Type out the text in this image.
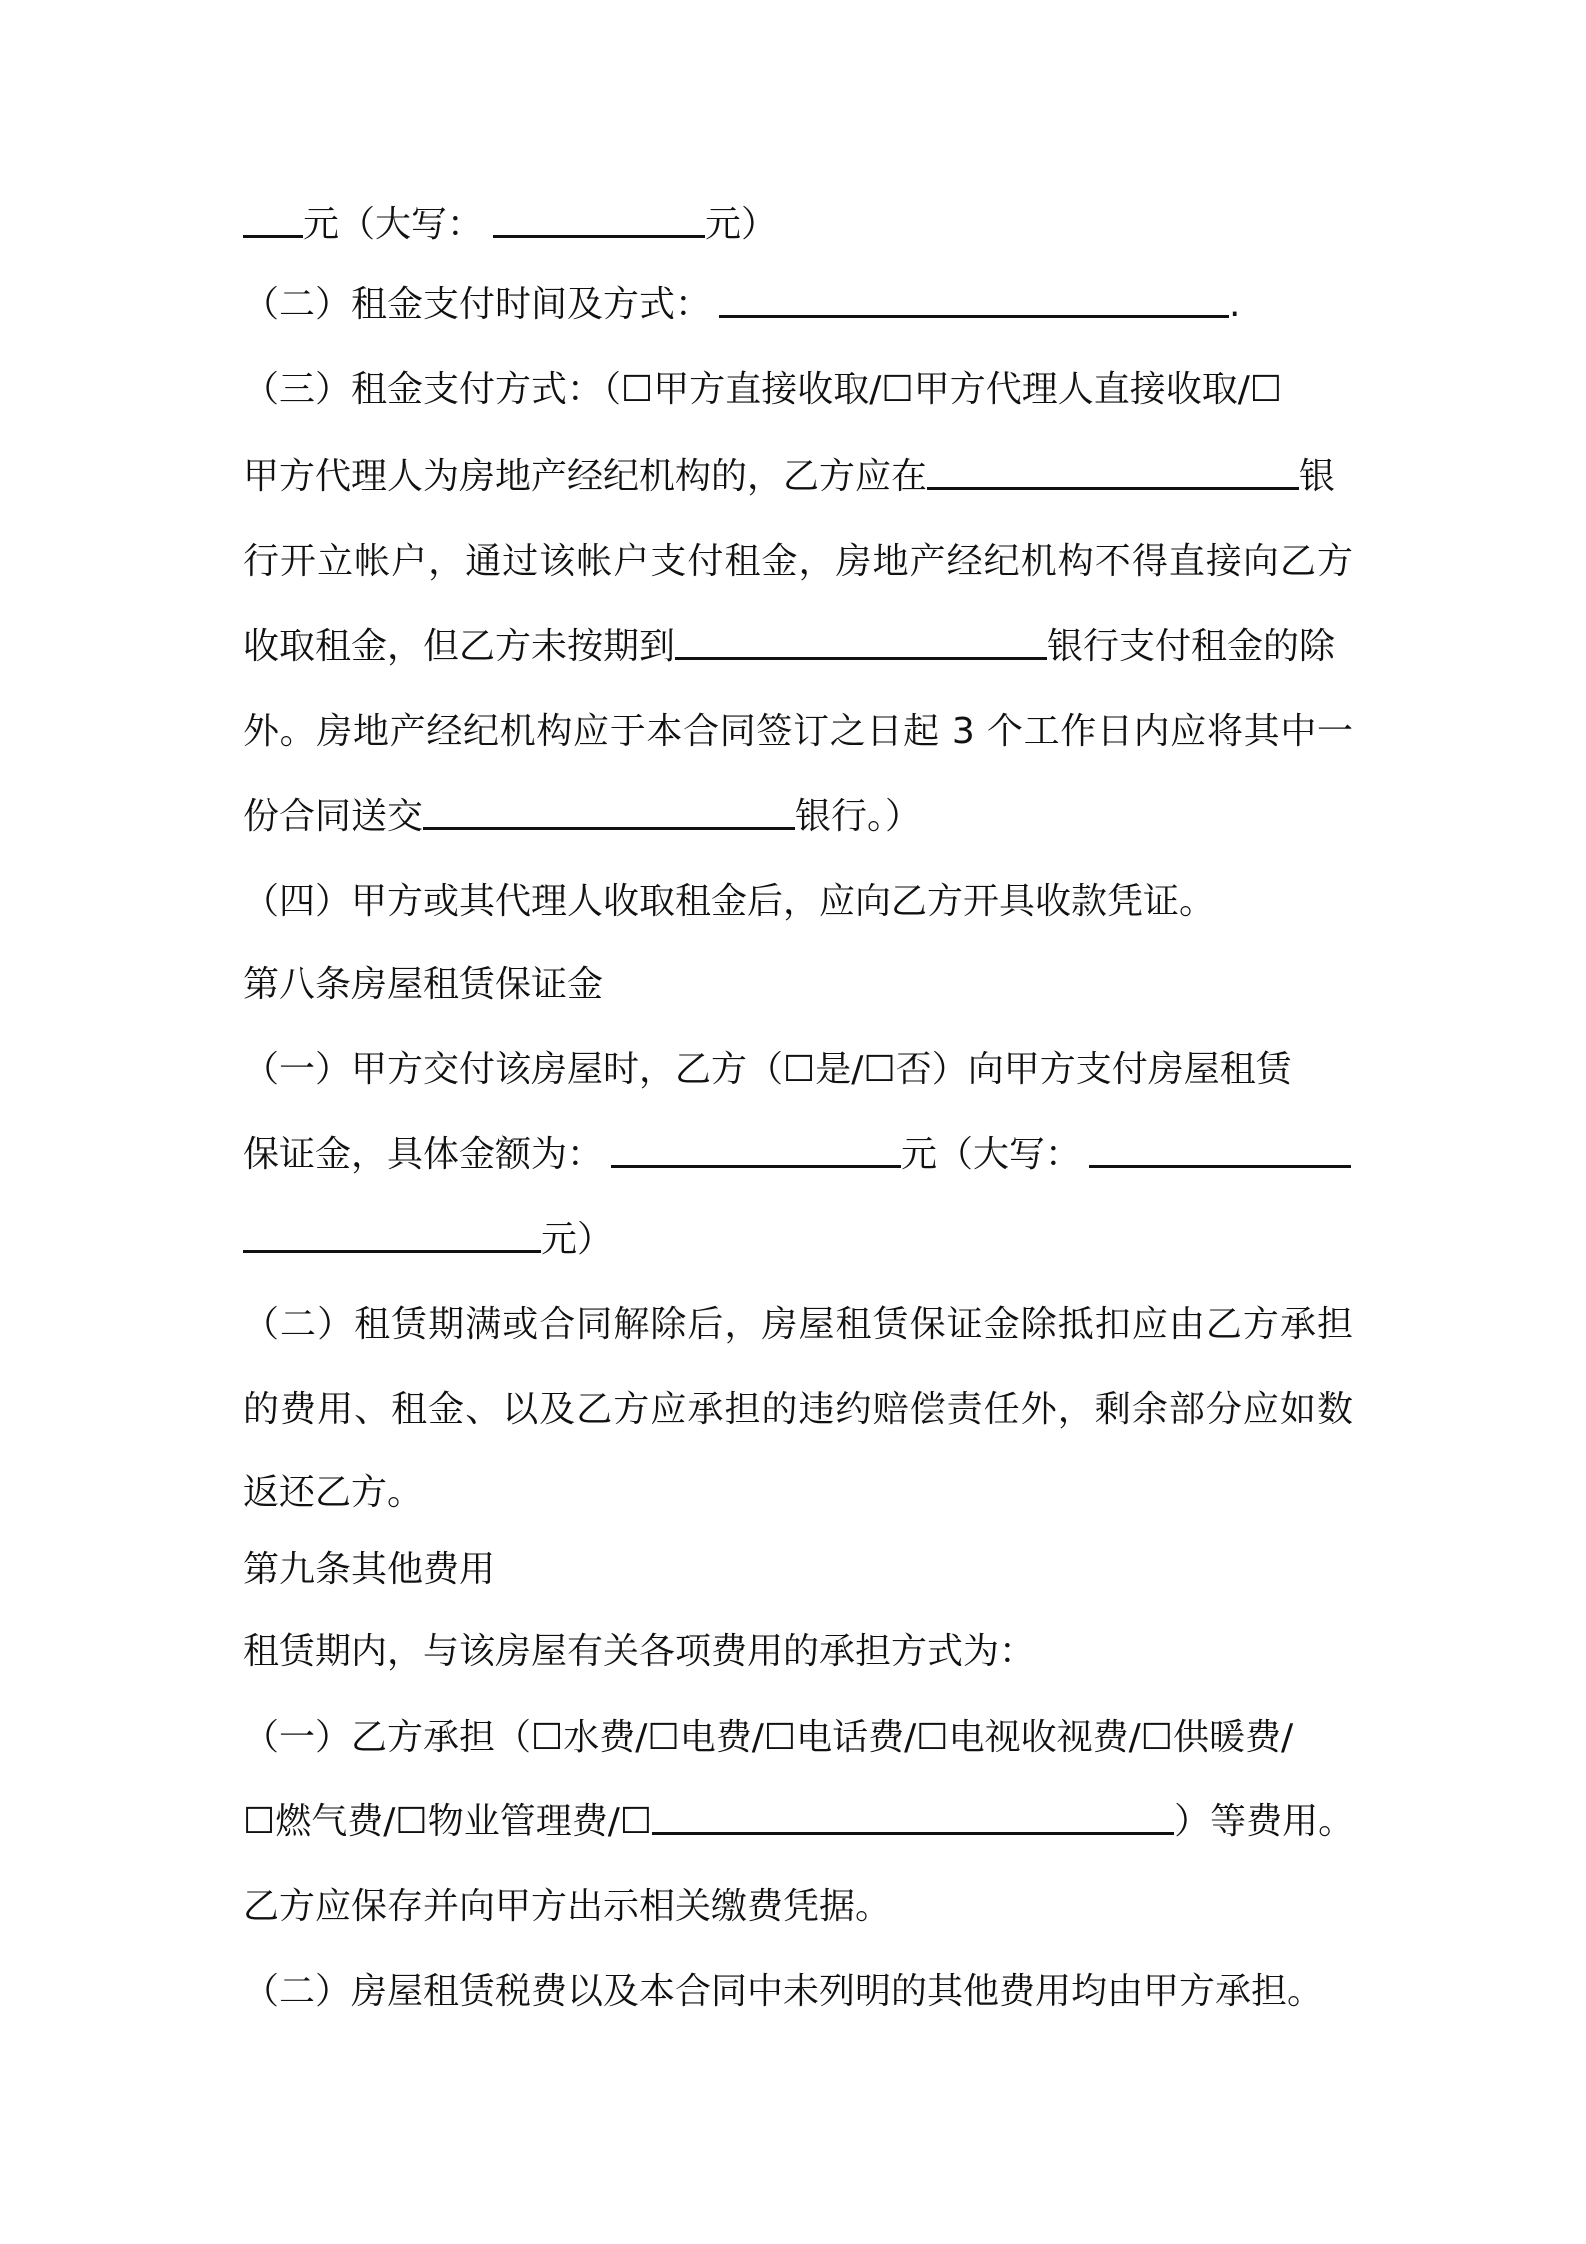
元（大写：	元）
（二）租金支付时间及方式：	.
（三）租金支付方式：（☐甲方直接收取/☐甲方代理人直接收取/☐
甲方代理人为房地产经纪机构的，乙方应在	银
行开立帐户，通过该帐户支付租金，房地产经纪机构不得直接向乙方
收取租金，但乙方未按期到	银行支付租金的除
外。房地产经纪机构应于本合同签订之日起 3 个工作日内应将其中一
份合同送交	银行。）
（四）甲方或其代理人收取租金后，应向乙方开具收款凭证。
第八条房屋租赁保证金
（一）甲方交付该房屋时，乙方（☐是/☐否）向甲方支付房屋租赁
保证金，具体金额为：	元（大写：
元）
（二）租赁期满或合同解除后，房屋租赁保证金除抵扣应由乙方承担
的费用、租金、以及乙方应承担的违约赔偿责任外，剩余部分应如数
返还乙方。
第九条其他费用
租赁期内，与该房屋有关各项费用的承担方式为：
（一）乙方承担（☐水费/☐电费/☐电话费/☐电视收视费/☐供暖费/
☐燃气费/☐物业管理费/☐	）等费用。
乙方应保存并向甲方出示相关缴费凭据。
（二）房屋租赁税费以及本合同中未列明的其他费用均由甲方承担。
